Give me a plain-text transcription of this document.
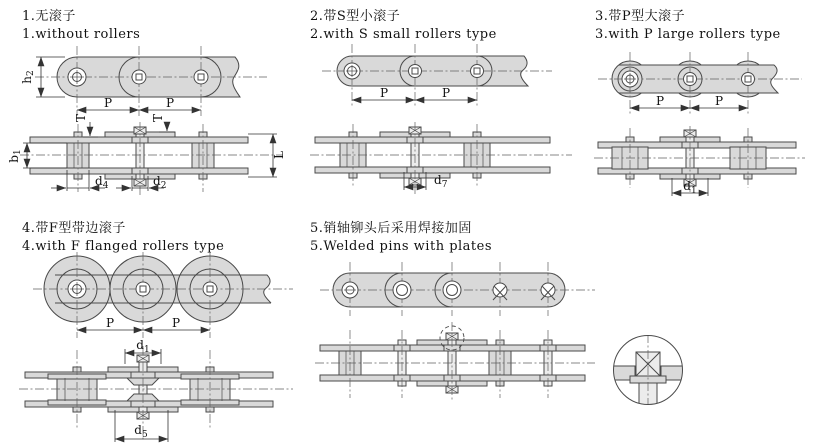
1.无滚子
1.without rollers
2.带S型小滚子
2.with S small rollers type
3.带P型大滚子
3.with P large rollers type
4.带F型带边滚子
4.with F flanged rollers type
5.销轴铆头后采用焊接加固
5.Welded pins with plates
h2
P	P
b1
T	T
$d_4$	$d_2$
L
P	P
$d_7$
P	P
$d_1$
P	P
$d_1$
$d_5$
